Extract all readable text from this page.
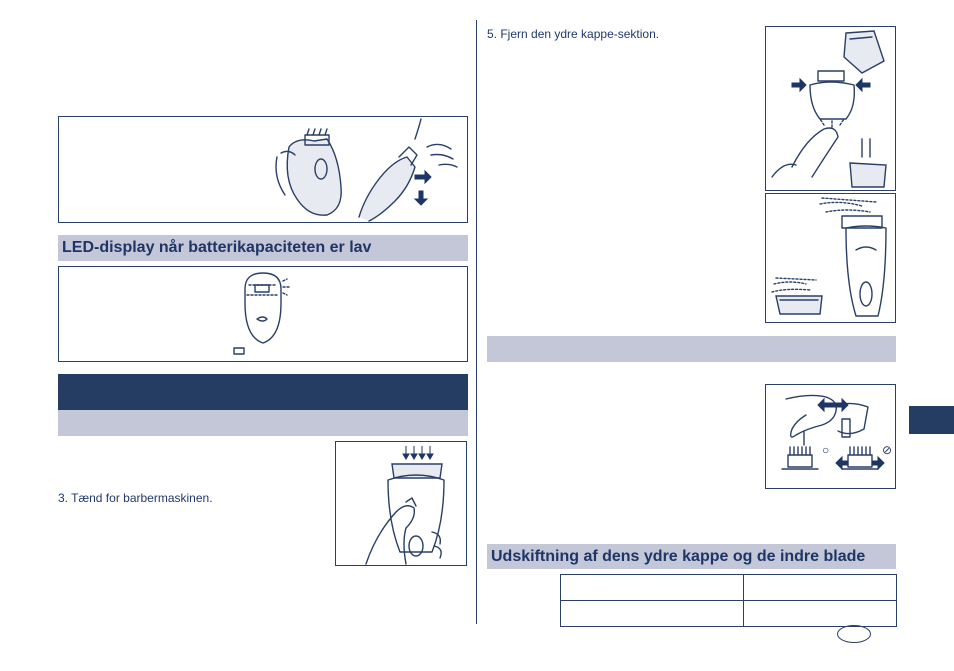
LED-display når batterikapaciteten er lav
3. Tænd for barbermaskinen.
5. Fjern den ydre kappe-sektion.
○	⊘
Udskiftning af dens ydre kappe og de indre blade
